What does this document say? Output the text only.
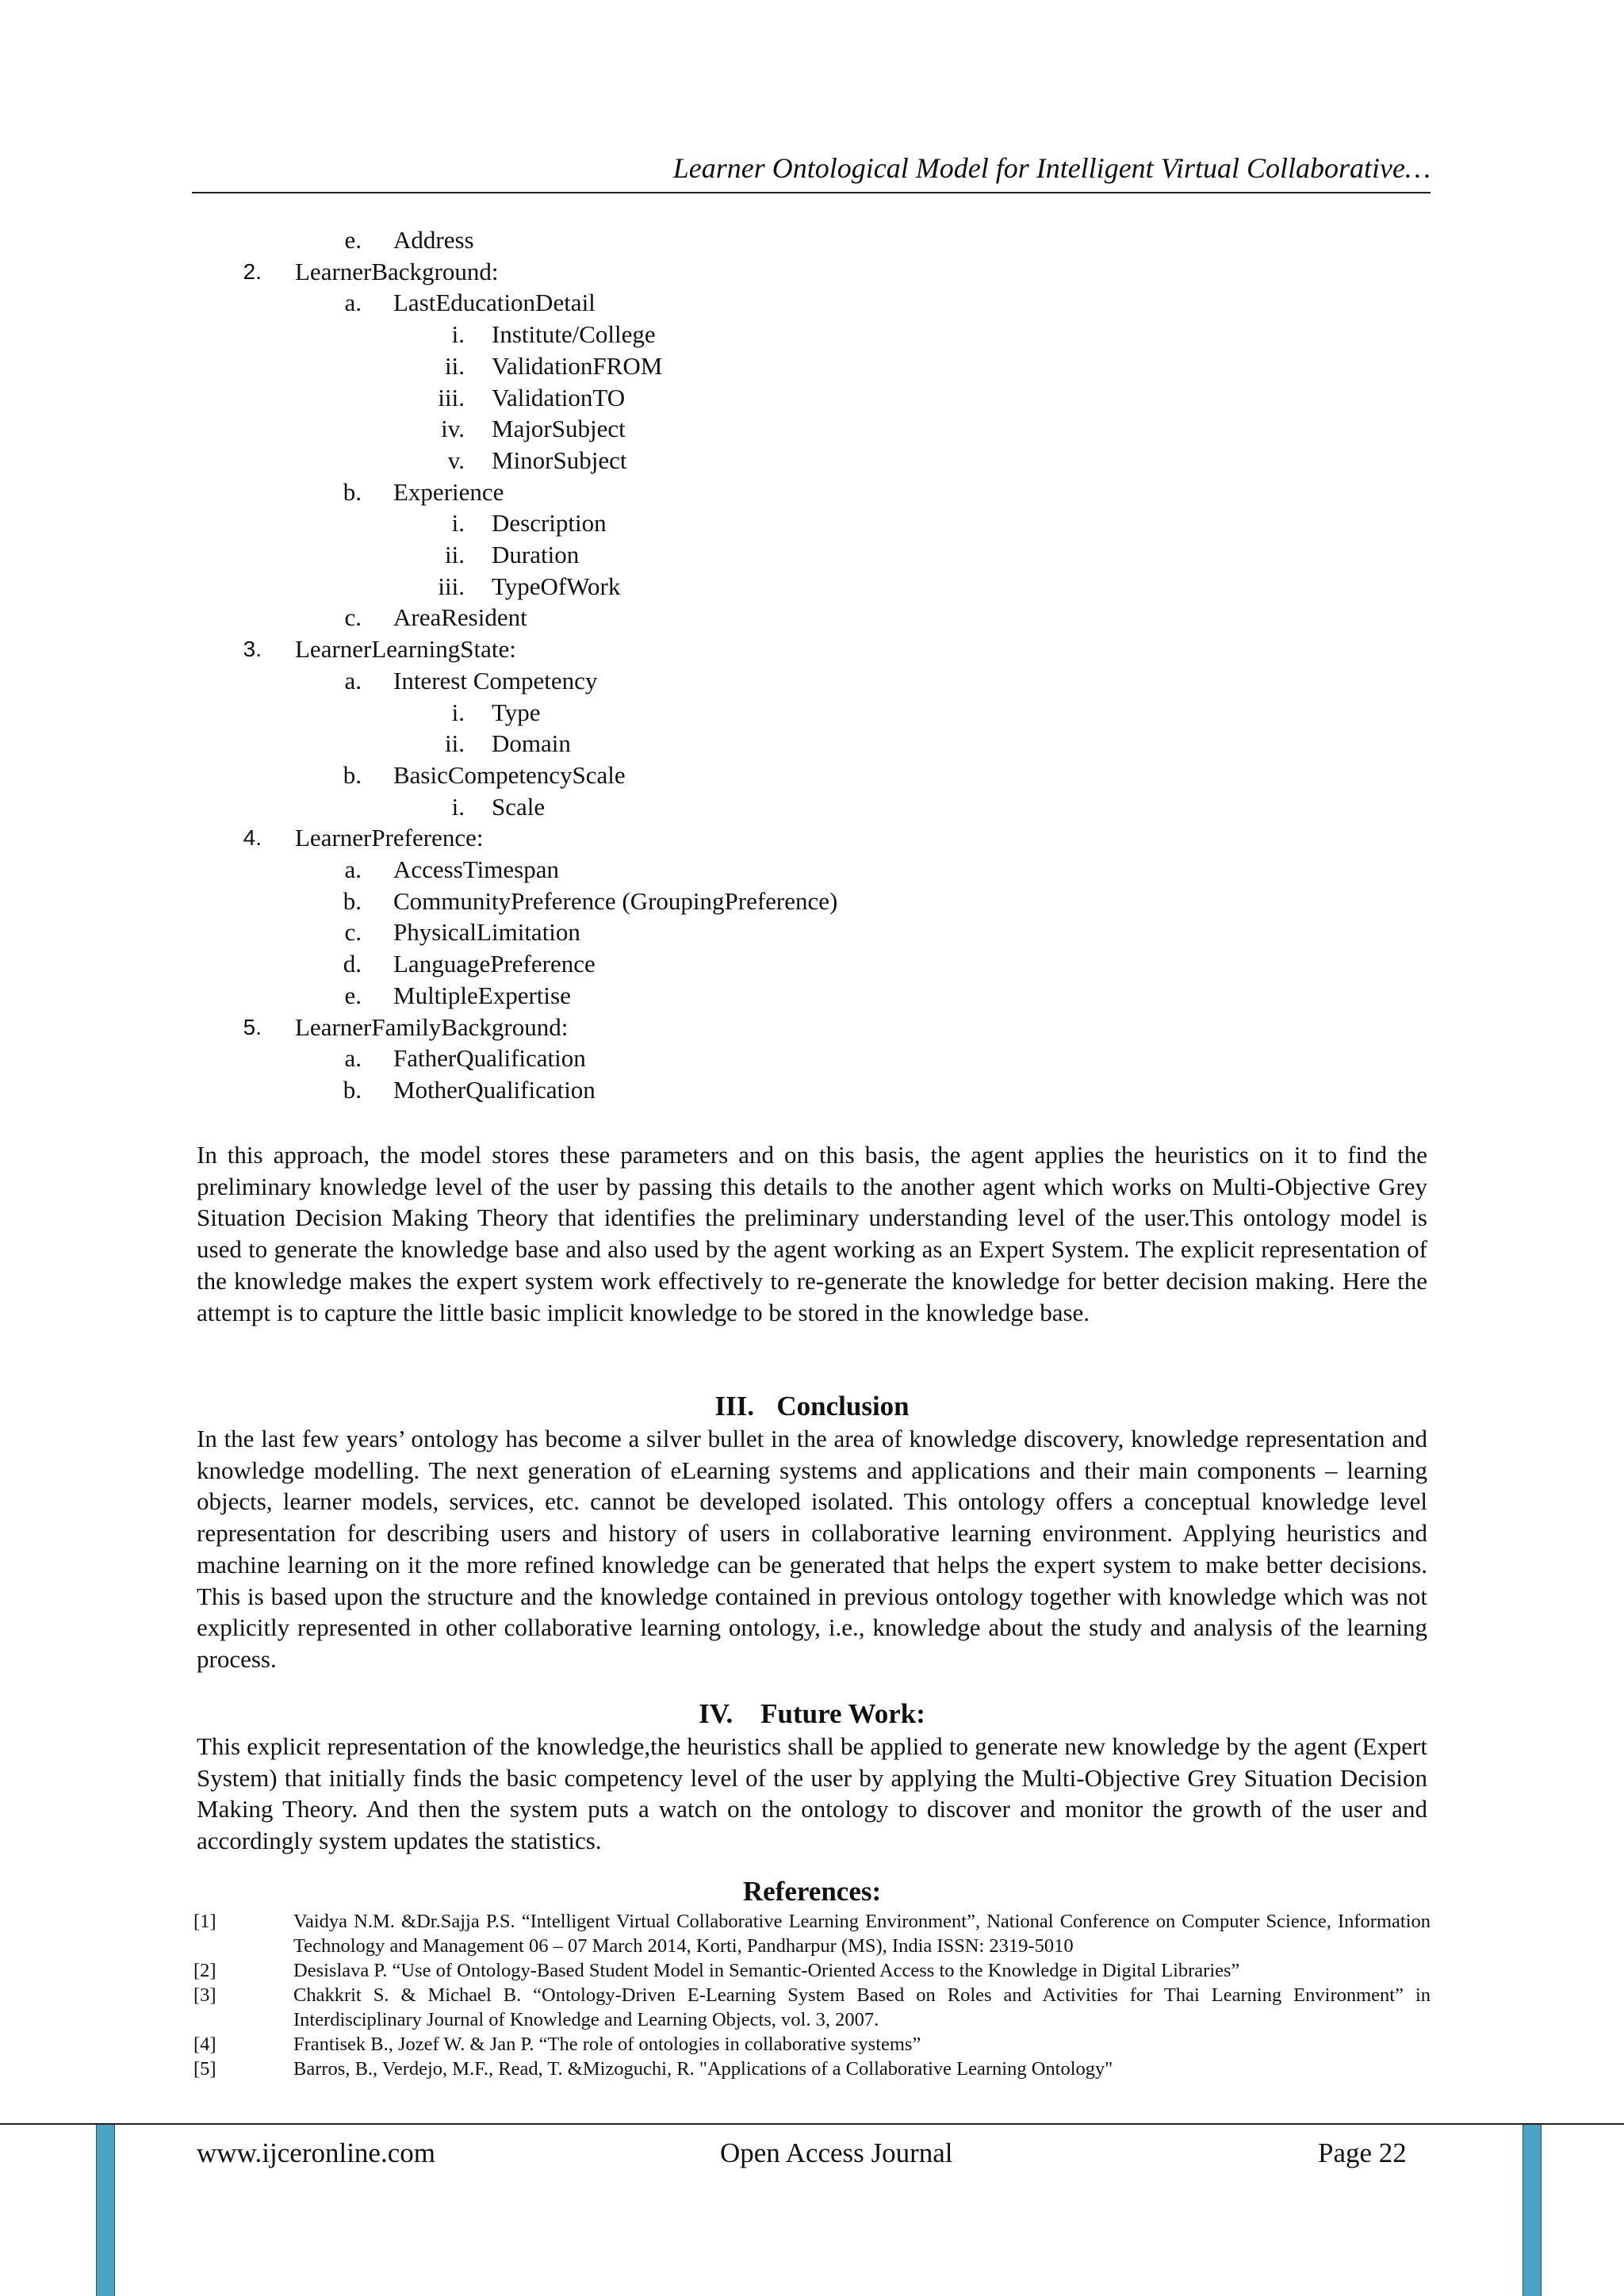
Learner Ontological Model for Intelligent Virtual Collaborative…
e. Address
2. LearnerBackground:
a. LastEducationDetail
i. Institute/College
ii. ValidationFROM
iii. ValidationTO
iv. MajorSubject
v. MinorSubject
b. Experience
i. Description
ii. Duration
iii. TypeOfWork
c. AreaResident
3. LearnerLearningState:
a. Interest Competency
i. Type
ii. Domain
b. BasicCompetencyScale
i. Scale
4. LearnerPreference:
a. AccessTimespan
b. CommunityPreference (GroupingPreference)
c. PhysicalLimitation
d. LanguagePreference
e. MultipleExpertise
5. LearnerFamilyBackground:
a. FatherQualification
b. MotherQualification

In this approach, the model stores these parameters and on this basis, the agent applies the heuristics on it to find the preliminary knowledge level of the user by passing this details to the another agent which works on Multi-Objective Grey Situation Decision Making Theory that identifies the preliminary understanding level of the user.This ontology model is used to generate the knowledge base and also used by the agent working as an Expert System. The explicit representation of the knowledge makes the expert system work effectively to re-generate the knowledge for better decision making. Here the attempt is to capture the little basic implicit knowledge to be stored in the knowledge base.

III. Conclusion

In the last few years’ ontology has become a silver bullet in the area of knowledge discovery, knowledge representation and knowledge modelling. The next generation of eLearning systems and applications and their main components – learning objects, learner models, services, etc. cannot be developed isolated. This ontology offers a conceptual knowledge level representation for describing users and history of users in collaborative learning environment. Applying heuristics and machine learning on it the more refined knowledge can be generated that helps the expert system to make better decisions. This is based upon the structure and the knowledge contained in previous ontology together with knowledge which was not explicitly represented in other collaborative learning ontology, i.e., knowledge about the study and analysis of the learning process.

IV. Future Work:

This explicit representation of the knowledge,the heuristics shall be applied to generate new knowledge by the agent (Expert System) that initially finds the basic competency level of the user by applying the Multi-Objective Grey Situation Decision Making Theory. And then the system puts a watch on the ontology to discover and monitor the growth of the user and accordingly system updates the statistics.

References:
[1]	Vaidya N.M. &Dr.Sajja P.S. “Intelligent Virtual Collaborative Learning Environment”, National Conference on Computer Science, Information Technology and Management 06 – 07 March 2014, Korti, Pandharpur (MS), India ISSN: 2319-5010
[2]	Desislava P. “Use of Ontology-Based Student Model in Semantic-Oriented Access to the Knowledge in Digital Libraries”
[3]	Chakkrit S. & Michael B. “Ontology-Driven E-Learning System Based on Roles and Activities for Thai Learning Environment” in Interdisciplinary Journal of Knowledge and Learning Objects, vol. 3, 2007.
[4]	Frantisek B., Jozef W. & Jan P. “The role of ontologies in collaborative systems”
[5]	Barros, B., Verdejo, M.F., Read, T. &Mizoguchi, R. "Applications of a Collaborative Learning Ontology"
www.ijceronline.com	Open Access Journal	Page 22
